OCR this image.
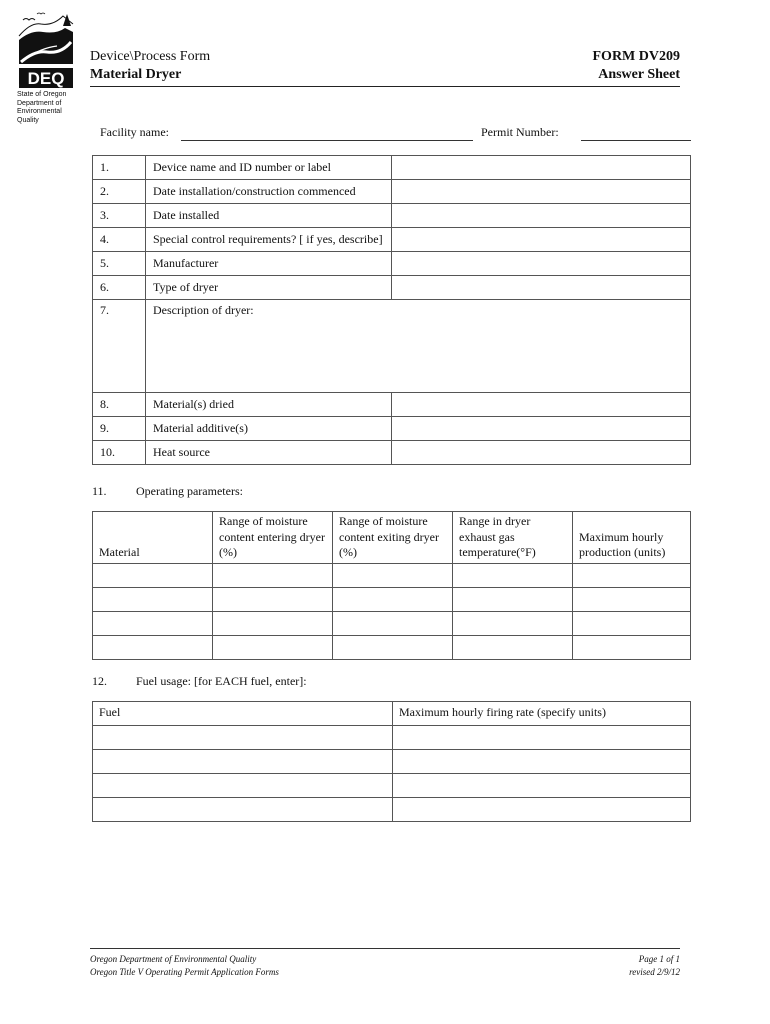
DEQ
State of Oregon
Department of
Environmental
Quality
Device\Process Form
Material Dryer
FORM DV209
Answer Sheet
Facility name:	Permit Number:
1.	Device name and ID number or label	
2.	Date installation/construction commenced	
3.	Date installed	
4.	Special control requirements? [ if yes, describe]	
5.	Manufacturer	
6.	Type of dryer	
7.	Description of dryer:	
8.	Material(s) dried	
9.	Material additive(s)	
10.	Heat source	
11. Operating parameters:
Material	Range of moisture content entering dryer (%)	Range of moisture content exiting dryer (%)	Range in dryer exhaust gas temperature(°F)	Maximum hourly production (units)

12. Fuel usage: [for EACH fuel, enter]:
Fuel	Maximum hourly firing rate (specify units)

Oregon Department of Environmental Quality
Oregon Title V Operating Permit Application Forms
Page 1 of 1
revised 2/9/12
